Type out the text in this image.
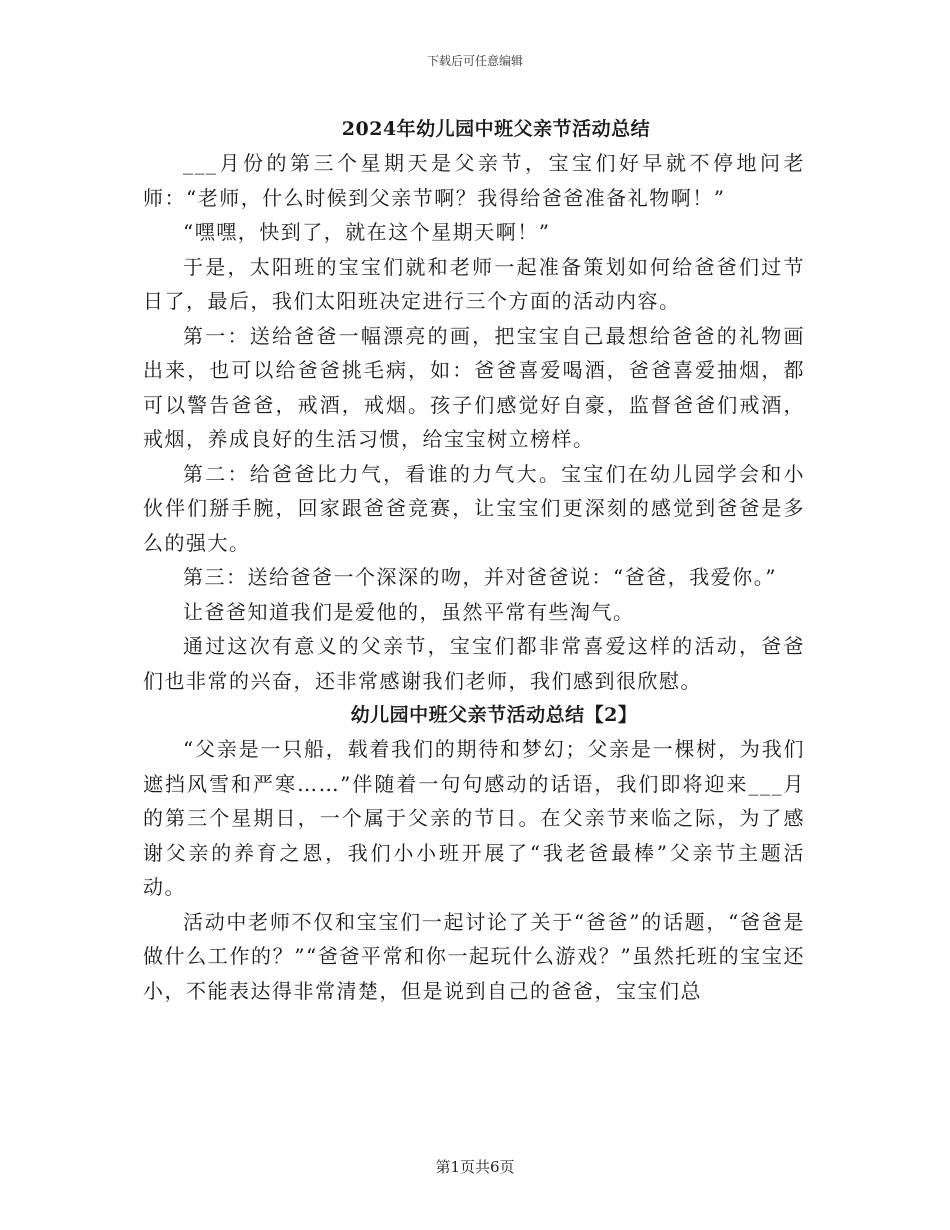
下载后可任意编辑
2024年幼儿园中班父亲节活动总结

___月份的第三个星期天是父亲节，宝宝们好早就不停地问老师：“老师，什么时候到父亲节啊？我得给爸爸准备礼物啊！”

“嘿嘿，快到了，就在这个星期天啊！”

于是，太阳班的宝宝们就和老师一起准备策划如何给爸爸们过节日了，最后，我们太阳班决定进行三个方面的活动内容。

第一：送给爸爸一幅漂亮的画，把宝宝自己最想给爸爸的礼物画出来，也可以给爸爸挑毛病，如：爸爸喜爱喝酒，爸爸喜爱抽烟，都可以警告爸爸，戒酒，戒烟。孩子们感觉好自豪，监督爸爸们戒酒，戒烟，养成良好的生活习惯，给宝宝树立榜样。

第二：给爸爸比力气，看谁的力气大。宝宝们在幼儿园学会和小伙伴们掰手腕，回家跟爸爸竞赛，让宝宝们更深刻的感觉到爸爸是多么的强大。

第三：送给爸爸一个深深的吻，并对爸爸说：“爸爸，我爱你。”

让爸爸知道我们是爱他的，虽然平常有些淘气。

通过这次有意义的父亲节，宝宝们都非常喜爱这样的活动，爸爸们也非常的兴奋，还非常感谢我们老师，我们感到很欣慰。

幼儿园中班父亲节活动总结【2】

“父亲是一只船，载着我们的期待和梦幻；父亲是一棵树，为我们遮挡风雪和严寒……”伴随着一句句感动的话语，我们即将迎来___月的第三个星期日，一个属于父亲的节日。在父亲节来临之际，为了感谢父亲的养育之恩，我们小小班开展了“我老爸最棒”父亲节主题活动。

活动中老师不仅和宝宝们一起讨论了关于“爸爸”的话题，“爸爸是做什么工作的？”“爸爸平常和你一起玩什么游戏？”虽然托班的宝宝还小，不能表达得非常清楚，但是说到自己的爸爸，宝宝们总

第1页共6页
